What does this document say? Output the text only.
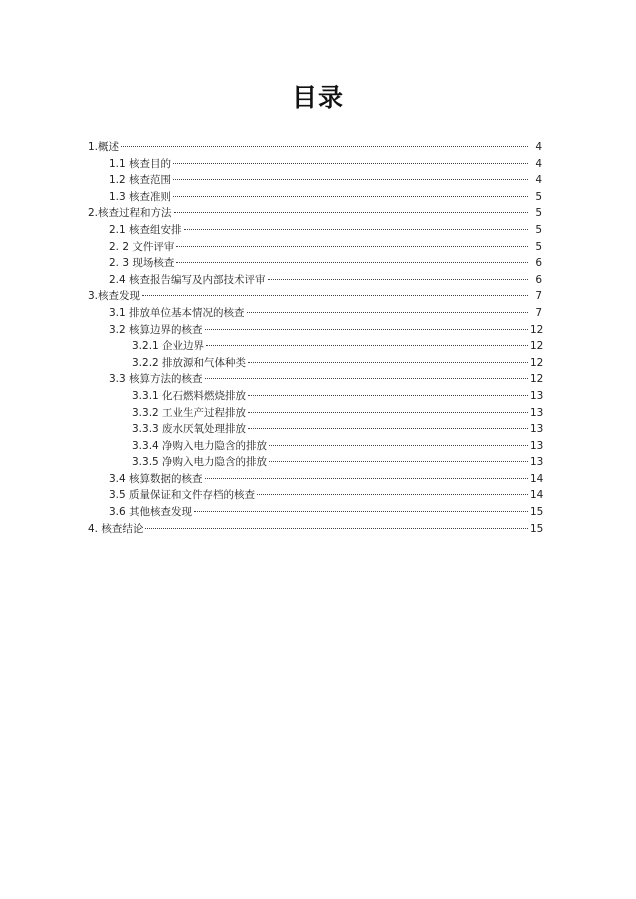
目录
1.概述	4
1.1 核查目的	4
1.2 核查范围	4
1.3 核查准则	5
2.核查过程和方法	5
2.1 核查组安排	5
2. 2 文件评审	5
2. 3 现场核查	6
2.4 核查报告编写及内部技术评审	6
3.核查发现	7
3.1 排放单位基本情况的核查	7
3.2 核算边界的核查	12
3.2.1 企业边界	12
3.2.2 排放源和气体种类	12
3.3 核算方法的核查	12
3.3.1 化石燃料燃烧排放	13
3.3.2 工业生产过程排放	13
3.3.3 废水厌氧处理排放	13
3.3.4 净购入电力隐含的排放	13
3.3.5 净购入电力隐含的排放	13
3.4 核算数据的核查	14
3.5 质量保证和文件存档的核查	14
3.6 其他核查发现	15
4. 核查结论	15
